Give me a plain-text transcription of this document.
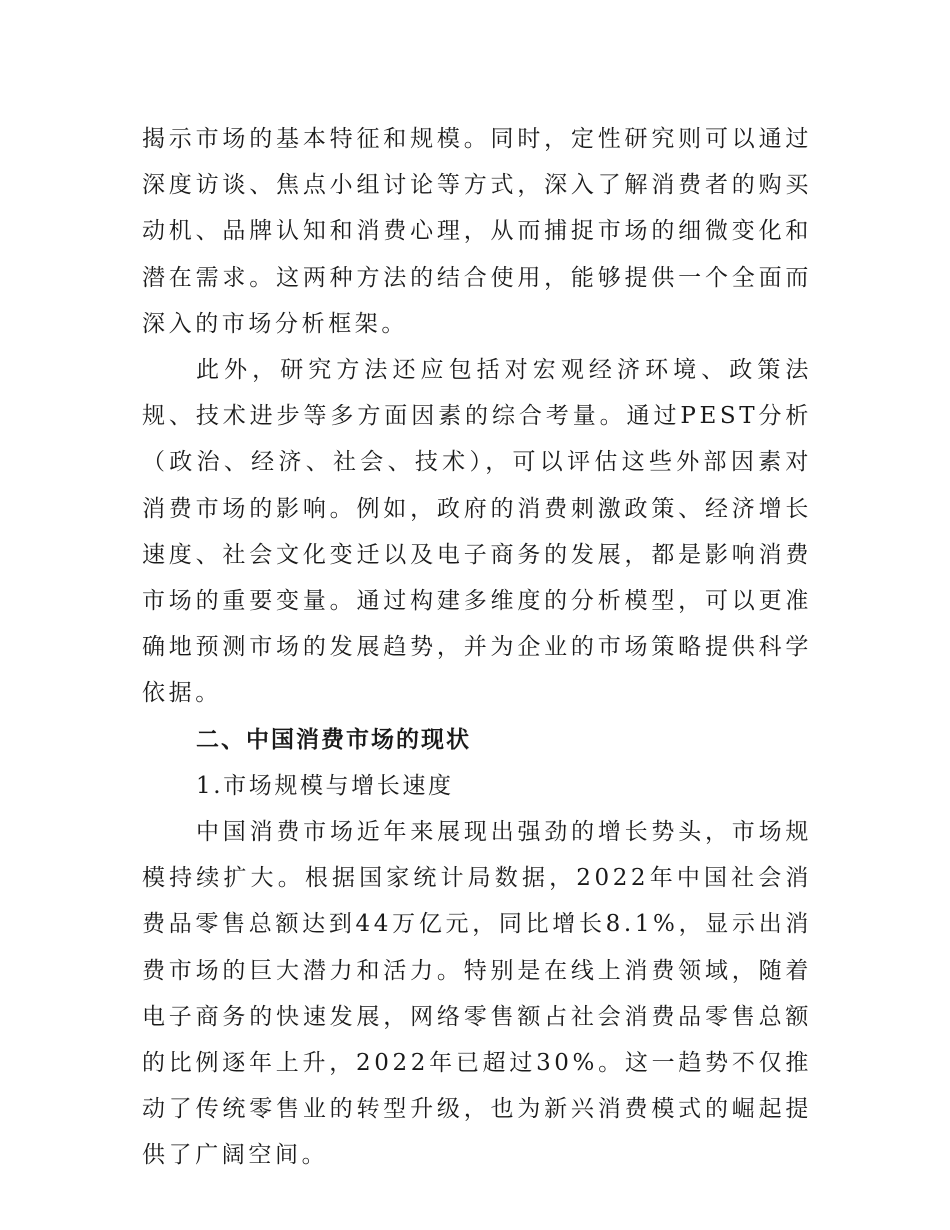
揭示市场的基本特征和规模。同时，定性研究则可以通过深度访谈、焦点小组讨论等方式，深入了解消费者的购买动机、品牌认知和消费心理，从而捕捉市场的细微变化和潜在需求。这两种方法的结合使用，能够提供一个全面而深入的市场分析框架。

此外，研究方法还应包括对宏观经济环境、政策法规、技术进步等多方面因素的综合考量。通过PEST分析（政治、经济、社会、技术），可以评估这些外部因素对消费市场的影响。例如，政府的消费刺激政策、经济增长速度、社会文化变迁以及电子商务的发展，都是影响消费市场的重要变量。通过构建多维度的分析模型，可以更准确地预测市场的发展趋势，并为企业的市场策略提供科学依据。

二、中国消费市场的现状

1.市场规模与增长速度

中国消费市场近年来展现出强劲的增长势头，市场规模持续扩大。根据国家统计局数据，2022年中国社会消费品零售总额达到44万亿元，同比增长8.1%，显示出消费市场的巨大潜力和活力。特别是在线上消费领域，随着电子商务的快速发展，网络零售额占社会消费品零售总额的比例逐年上升，2022年已超过30%。这一趋势不仅推动了传统零售业的转型升级，也为新兴消费模式的崛起提供了广阔空间。
